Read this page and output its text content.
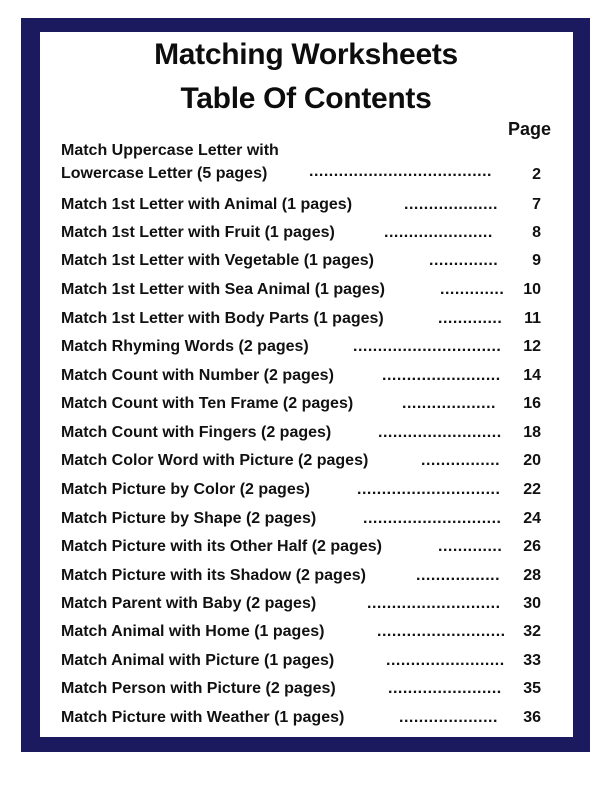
Matching Worksheets
Table Of Contents
Page
Match Uppercase Letter with
Lowercase Letter (5 pages)	.....................................	2
Match 1st Letter with Animal (1 pages)	................... 7
Match 1st Letter with Fruit (1 pages)	...................... 8
Match 1st Letter with Vegetable (1 pages)	.............. 9
Match 1st Letter with Sea Animal (1 pages)	............. 10
Match 1st Letter with Body Parts (1 pages)	............. 11
Match Rhyming Words (2 pages)	.............................. 12
Match Count with Number (2 pages)	........................ 14
Match Count with Ten Frame (2 pages)	................... 16
Match Count with Fingers (2 pages)	......................... 18
Match Color Word with Picture (2 pages)	................ 20
Match Picture by Color (2 pages)	............................. 22
Match Picture by Shape (2 pages)	............................ 24
Match Picture with its Other Half (2 pages)	............. 26
Match Picture with its Shadow (2 pages)	................. 28
Match Parent with Baby (2 pages)	........................... 30
Match Animal with Home (1 pages)	.......................... 32
Match Animal with Picture (1 pages)	........................ 33
Match Person with Picture (2 pages)	....................... 35
Match Picture with Weather (1 pages)	.................... 36
